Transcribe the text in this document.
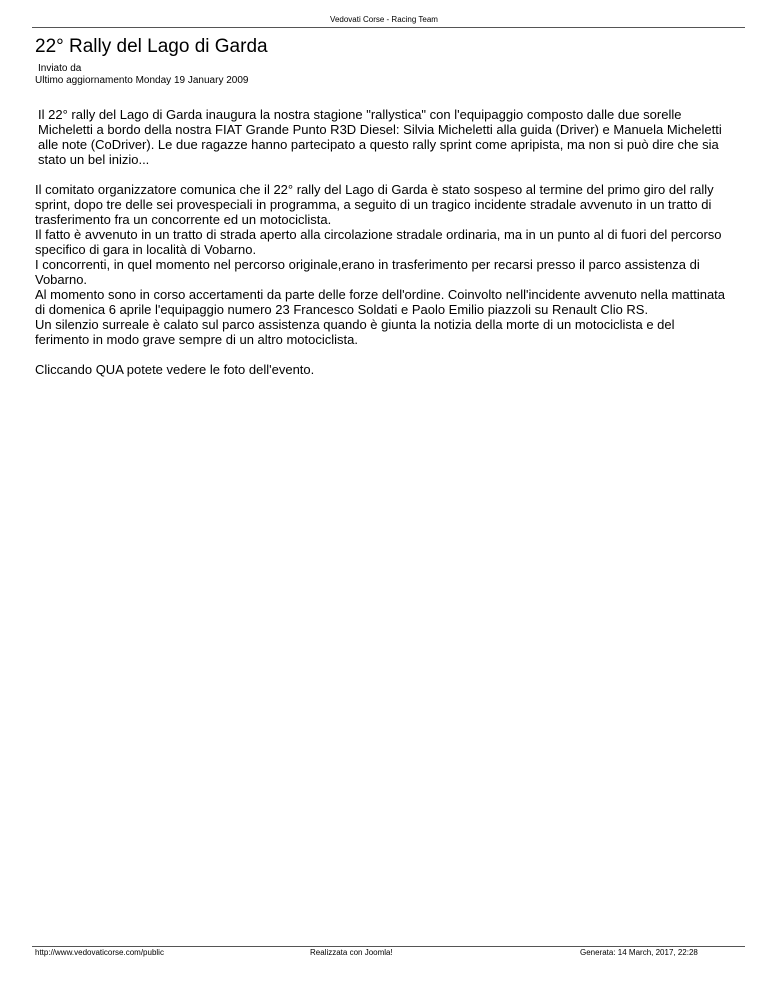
Vedovati Corse - Racing Team
22° Rally del Lago di Garda
Inviato da
Ultimo aggiornamento Monday 19 January 2009

Il 22° rally del Lago di Garda inaugura la nostra stagione "rallystica" con l'equipaggio composto dalle due sorelle
Micheletti a bordo della nostra FIAT Grande Punto R3D Diesel: Silvia Micheletti alla guida (Driver) e Manuela Micheletti
alle note (CoDriver). Le due ragazze hanno partecipato a questo rally sprint come apripista, ma non si può dire che sia
stato un bel inizio...

Il comitato organizzatore comunica che il 22° rally del Lago di Garda è stato sospeso al termine del primo giro del rally
sprint, dopo tre delle sei provespeciali in programma, a seguito di un tragico incidente stradale avvenuto in un tratto di
trasferimento fra un concorrente ed un motociclista.
Il fatto è avvenuto in un tratto di strada aperto alla circolazione stradale ordinaria, ma in un punto al di fuori del percorso
specifico di gara in località di Vobarno.
I concorrenti, in quel momento nel percorso originale,erano in trasferimento per recarsi presso il parco assistenza di
Vobarno.
Al momento sono in corso accertamenti da parte delle forze dell'ordine. Coinvolto nell'incidente avvenuto nella mattinata
di domenica 6 aprile l'equipaggio numero 23 Francesco Soldati e Paolo Emilio piazzoli su Renault Clio RS.
Un silenzio surreale è calato sul parco assistenza quando è giunta la notizia della morte di un motociclista e del
ferimento in modo grave sempre di un altro motociclista.

Cliccando QUA potete vedere le foto dell'evento.

http://www.vedovaticorse.com/public	Realizzata con Joomla!	Generata: 14 March, 2017, 22:28
